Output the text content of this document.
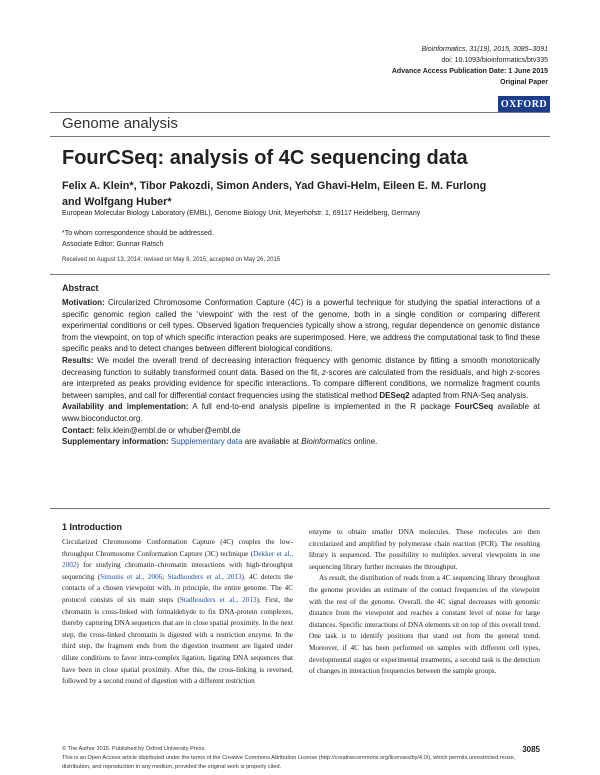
Bioinformatics, 31(19), 2015, 3085–3091
doi: 10.1093/bioinformatics/btv335
Advance Access Publication Date: 1 June 2015
Original Paper
OXFORD
Genome analysis
FourCSeq: analysis of 4C sequencing data
Felix A. Klein*, Tibor Pakozdi, Simon Anders, Yad Ghavi-Helm, Eileen E. M. Furlong and Wolfgang Huber*
European Molecular Biology Laboratory (EMBL), Genome Biology Unit, Meyerhofstr. 1, 69117 Heidelberg, Germany
*To whom correspondence should be addressed.
Associate Editor: Gunnar Ratsch
Received on August 13, 2014; revised on May 8, 2015; accepted on May 26, 2015
Abstract

Motivation: Circularized Chromosome Conformation Capture (4C) is a powerful technique for studying the spatial interactions of a specific genomic region called the ‘viewpoint’ with the rest of the genome, both in a single condition or comparing different experimental conditions or cell types. Observed ligation frequencies typically show a strong, regular dependence on genomic distance from the viewpoint, on top of which specific interaction peaks are superimposed. Here, we address the computational task to find these specific peaks and to detect changes between different biological conditions.

Results: We model the overall trend of decreasing interaction frequency with genomic distance by fitting a smooth monotonically decreasing function to suitably transformed count data. Based on the fit, z-scores are calculated from the residuals, and high z-scores are interpreted as peaks providing evidence for specific interactions. To compare different conditions, we normalize fragment counts between samples, and call for differential contact frequencies using the statistical method DESeq2 adapted from RNA-Seq analysis.

Availability and implementation: A full end-to-end analysis pipeline is implemented in the R package FourCSeq available at www.bioconductor.org.

Contact: felix.klein@embl.de or whuber@embl.de

Supplementary information: Supplementary data are available at Bioinformatics online.

1 Introduction

Circularized Chromosome Conformation Capture (4C) couples the low-throughput Chromosome Conformation Capture (3C) technique (Dekker et al., 2002) for studying chromatin–chromatin interactions with high-throughput sequencing (Simonis et al., 2006; Stadhouders et al., 2013). 4C detects the contacts of a chosen viewpoint with, in principle, the entire genome. The 4C protocol consists of six main steps (Stadhouders et al., 2013). First, the chromatin is cross-linked with formaldehyde to fix DNA-protein complexes, thereby capturing DNA sequences that are in close spatial proximity. In the next step, the cross-linked chromatin is digested with a restriction enzyme. In the third step, the fragment ends from the digestion treatment are ligated under dilute conditions to favor intra-complex ligation, ligating DNA sequences that have been in close spatial proximity. After this, the cross-linking is reversed, followed by a second round of digestion with a different restriction

enzyme to obtain smaller DNA molecules. These molecules are then circularized and amplified by polymerase chain reaction (PCR). The resulting library is sequenced. The possibility to multiplex several viewpoints in one sequencing library further increases the throughput.

As result, the distribution of reads from a 4C sequencing library throughout the genome provides an estimate of the contact frequencies of the viewpoint with the rest of the genome. Overall, the 4C signal decreases with genomic distance from the viewpoint and reaches a constant level of noise for large distances. Specific interactions of DNA elements sit on top of this overall trend. One task is to identify positions that stand out from the general trend. Moreover, if 4C has been performed on samples with different cell types, developmental stages or experimental treatments, a second task is the detection of changes in interaction frequencies between the sample groups.

© The Author 2015. Published by Oxford University Press.
This is an Open Access article distributed under the terms of the Creative Commons Attribution License (http://creativecommons.org/licenses/by/4.0/), which permits unrestricted reuse, distribution, and reproduction in any medium, provided the original work is properly cited.
3085
